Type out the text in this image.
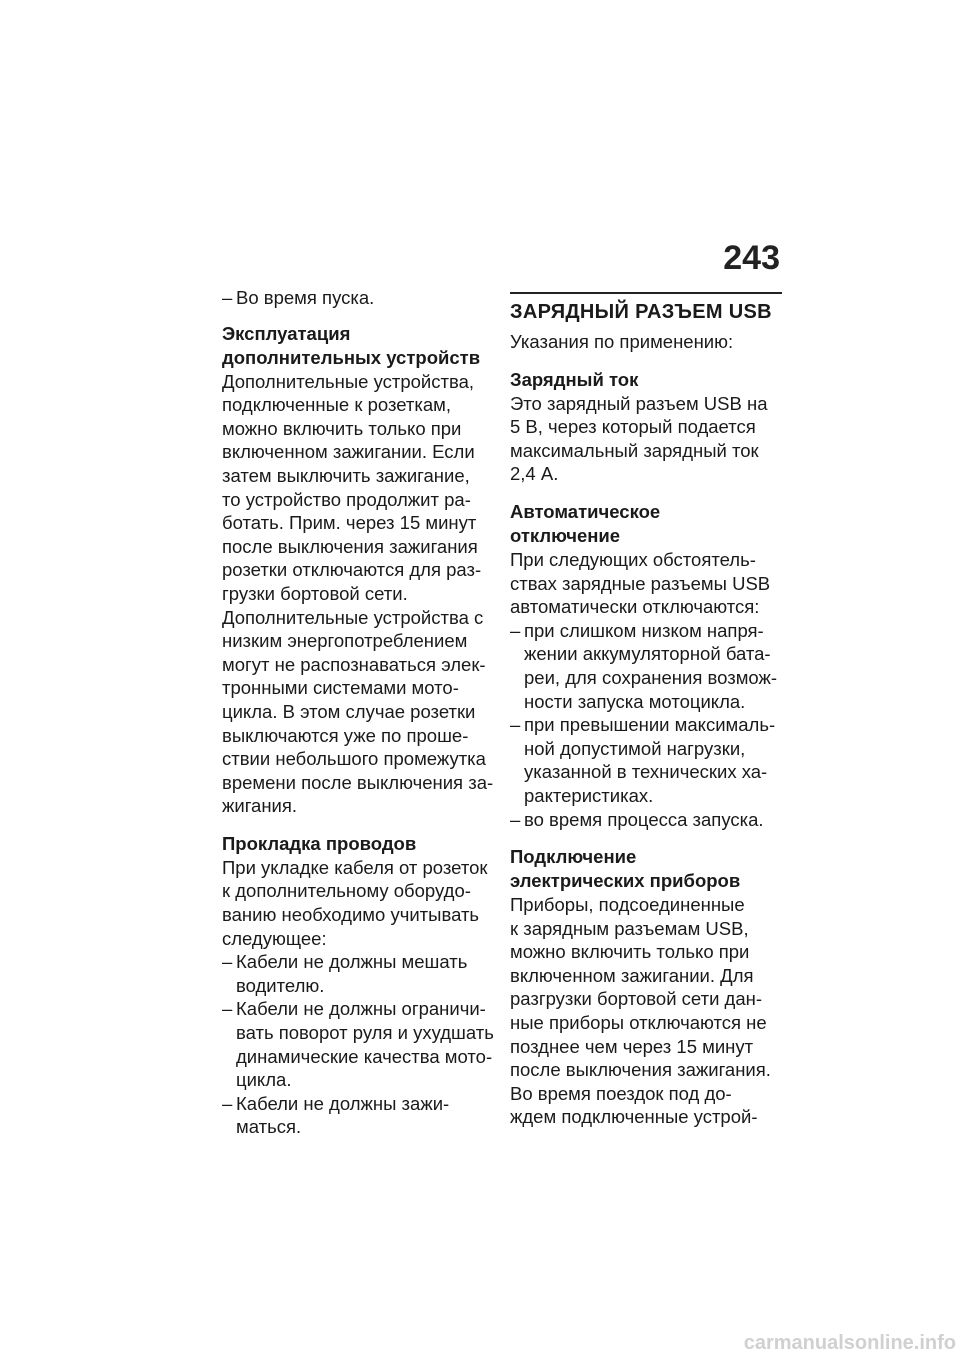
243
– Во время пуска.
Эксплуатация
дополнительных устройств
Дополнительные устройства,
подключенные к розеткам,
можно включить только при
включенном зажигании. Если
затем выключить зажигание,
то устройство продолжит ра-
ботать. Прим. через 15 минут
после выключения зажигания
розетки отключаются для раз-
грузки бортовой сети.
Дополнительные устройства с
низким энергопотреблением
могут не распознаваться элек-
тронными системами мото-
цикла. В этом случае розетки
выключаются уже по проше-
ствии небольшого промежутка
времени после выключения за-
жигания.
Прокладка проводов
При укладке кабеля от розеток
к дополнительному оборудо-
ванию необходимо учитывать
следующее:
– Кабели не должны мешать
водителю.
– Кабели не должны ограничи-
вать поворот руля и ухудшать
динамические качества мото-
цикла.
– Кабели не должны зажи-
маться.
ЗАРЯДНЫЙ РАЗЪЕМ USB
Указания по применению:
Зарядный ток
Это зарядный разъем USB на
5 В, через который подается
максимальный зарядный ток
2,4 А.
Автоматическое
отключение
При следующих обстоятель-
ствах зарядные разъемы USB
автоматически отключаются:
– при слишком низком напря-
жении аккумуляторной бата-
реи, для сохранения возмож-
ности запуска мотоцикла.
– при превышении максималь-
ной допустимой нагрузки,
указанной в технических ха-
рактеристиках.
– во время процесса запуска.
Подключение
электрических приборов
Приборы, подсоединенные
к зарядным разъемам USB,
можно включить только при
включенном зажигании. Для
разгрузки бортовой сети дан-
ные приборы отключаются не
позднее чем через 15 минут
после выключения зажигания.
Во время поездок под до-
ждем подключенные устрой-
carmanualsonline.info
